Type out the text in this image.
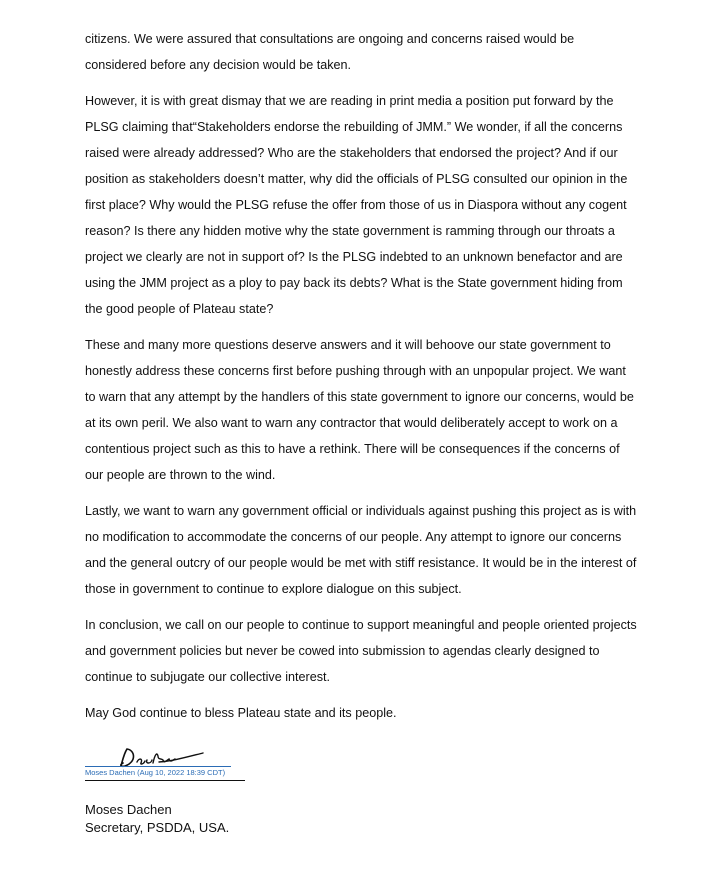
citizens. We were assured that consultations are ongoing and concerns raised would be considered before any decision would be taken.

However, it is with great dismay that we are reading in print media a position put forward by the PLSG claiming that“Stakeholders endorse the rebuilding of JMM.” We wonder, if all the concerns raised were already addressed? Who are the stakeholders that endorsed the project? And if our position as stakeholders doesn’t matter, why did the officials of PLSG consulted our opinion in the first place? Why would the PLSG refuse the offer from those of us in Diaspora without any cogent reason? Is there any hidden motive why the state government is ramming through our throats a project we clearly are not in support of? Is the PLSG indebted to an unknown benefactor and are using the JMM project as a ploy to pay back its debts? What is the State government hiding from the good people of Plateau state?

These and many more questions deserve answers and it will behoove our state government to honestly address these concerns first before pushing through with an unpopular project. We want to warn that any attempt by the handlers of this state government to ignore our concerns, would be at its own peril. We also want to warn any contractor that would deliberately accept to work on a contentious project such as this to have a rethink. There will be consequences if the concerns of our people are thrown to the wind.

Lastly, we want to warn any government official or individuals against pushing this project as is with no modification to accommodate the concerns of our people. Any attempt to ignore our concerns and the general outcry of our people would be met with stiff resistance. It would be in the interest of those in government to continue to explore dialogue on this subject.

In conclusion, we call on our people to continue to support meaningful and people oriented projects and government policies but never be cowed into submission to agendas clearly designed to continue to subjugate our collective interest.

May God continue to bless Plateau state and its people.

Moses Dachen (Aug 10, 2022 18:39 CDT)
Moses Dachen
Secretary, PSDDA, USA.
